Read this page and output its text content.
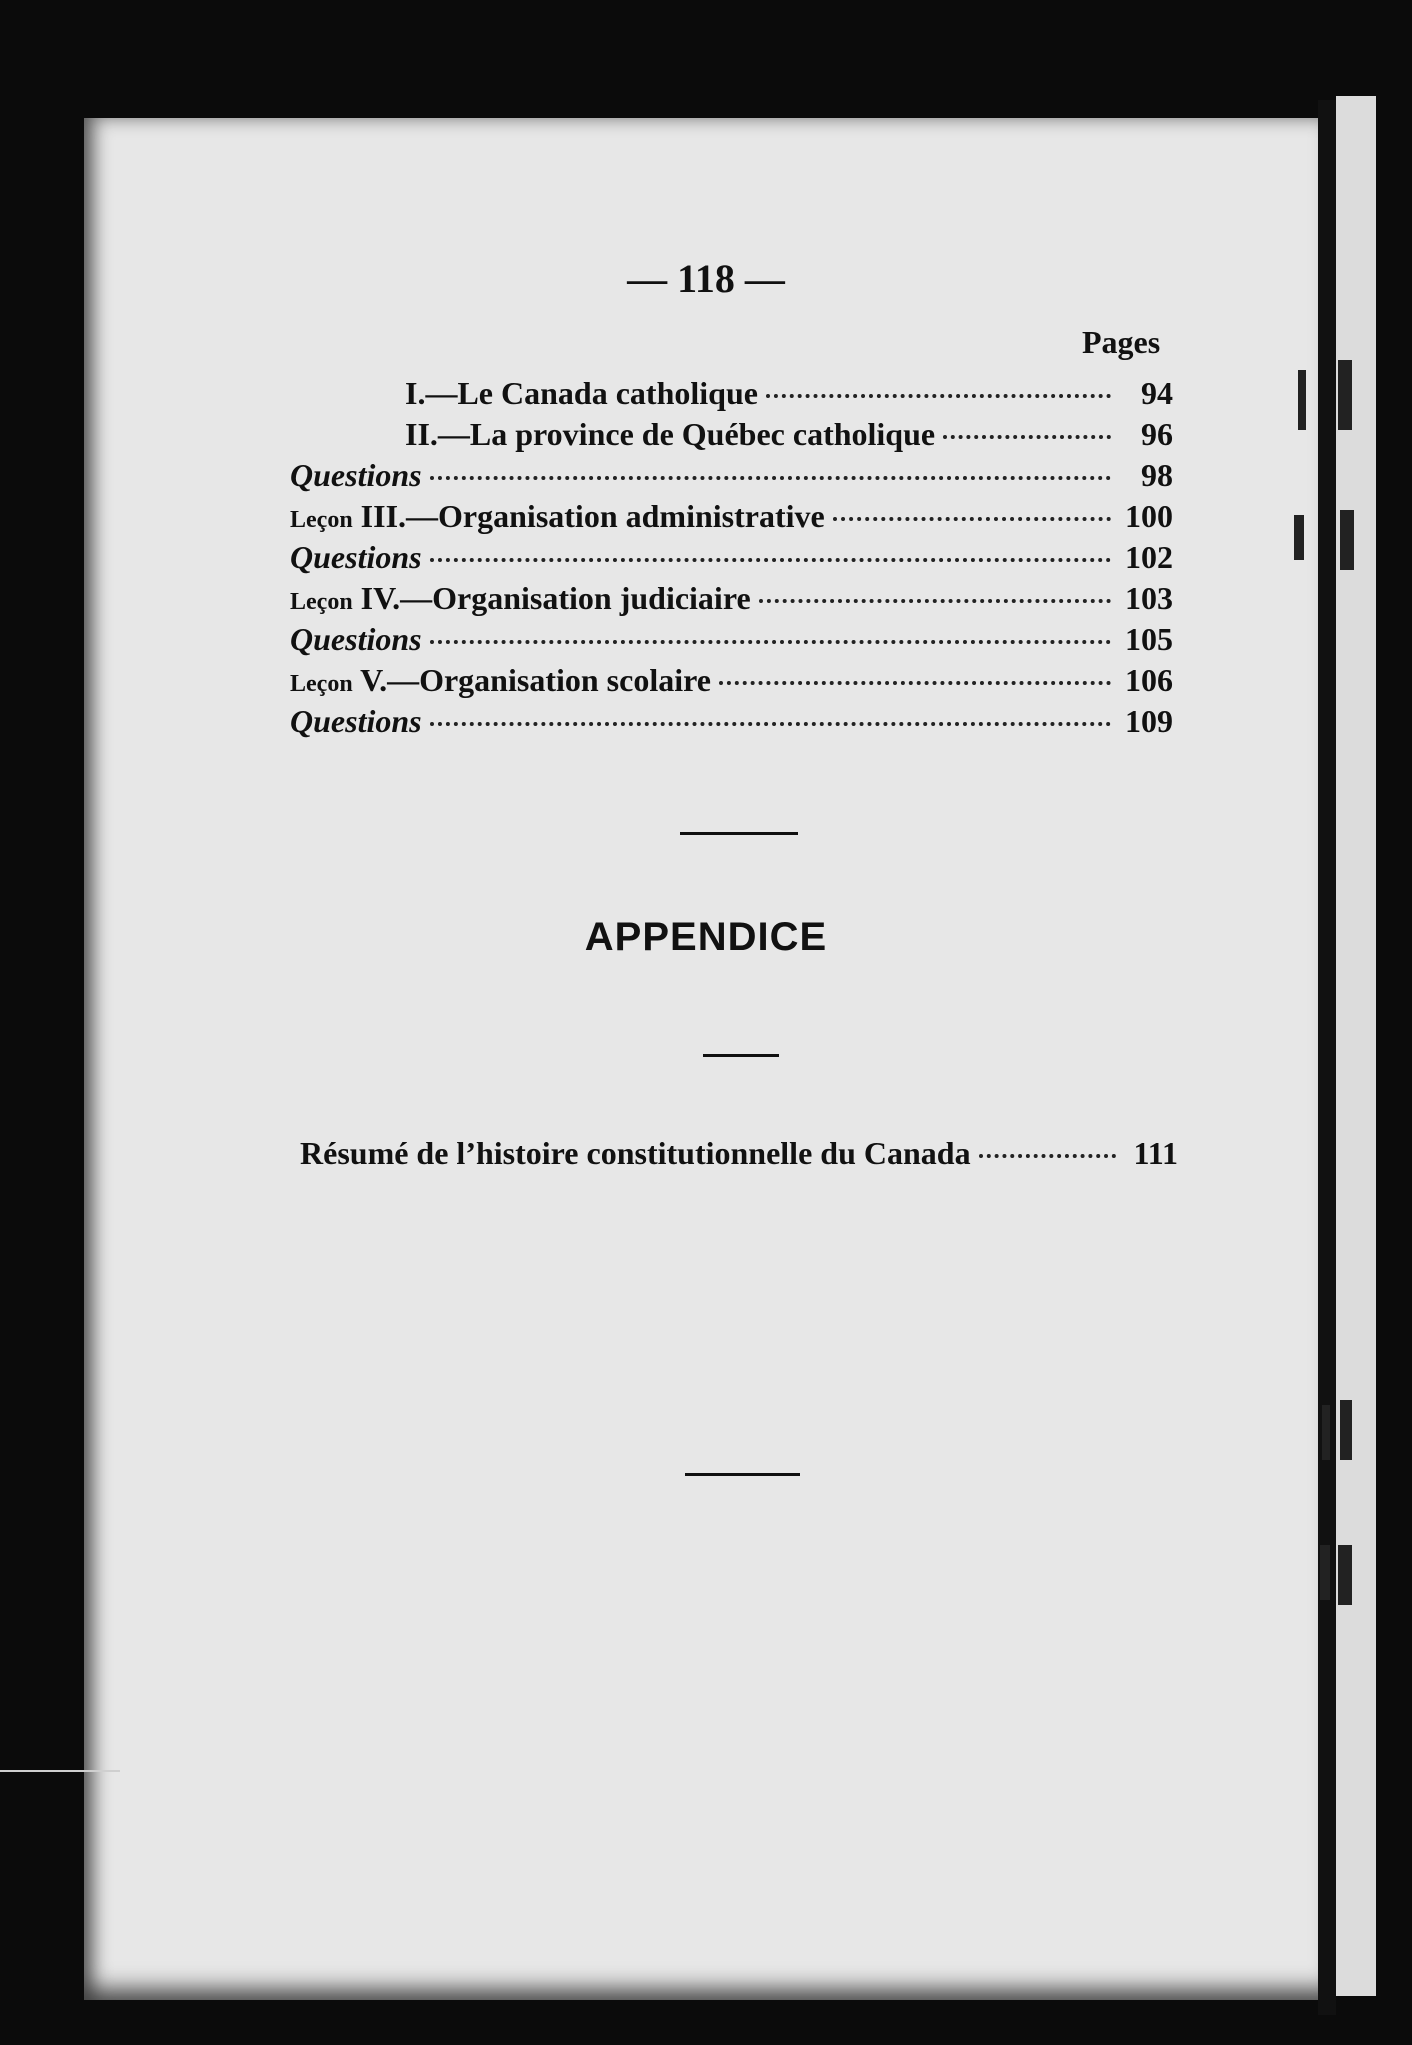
— 118 —
Pages
I.—Le Canada catholique	94
II.—La province de Québec catholique	96
Questions	98
Leçon III.—Organisation administrative	100
Questions	102
Leçon IV.—Organisation judiciaire	103
Questions	105
Leçon V.—Organisation scolaire	106
Questions	109
APPENDICE
Résumé de l’histoire constitutionnelle du Canada	111
